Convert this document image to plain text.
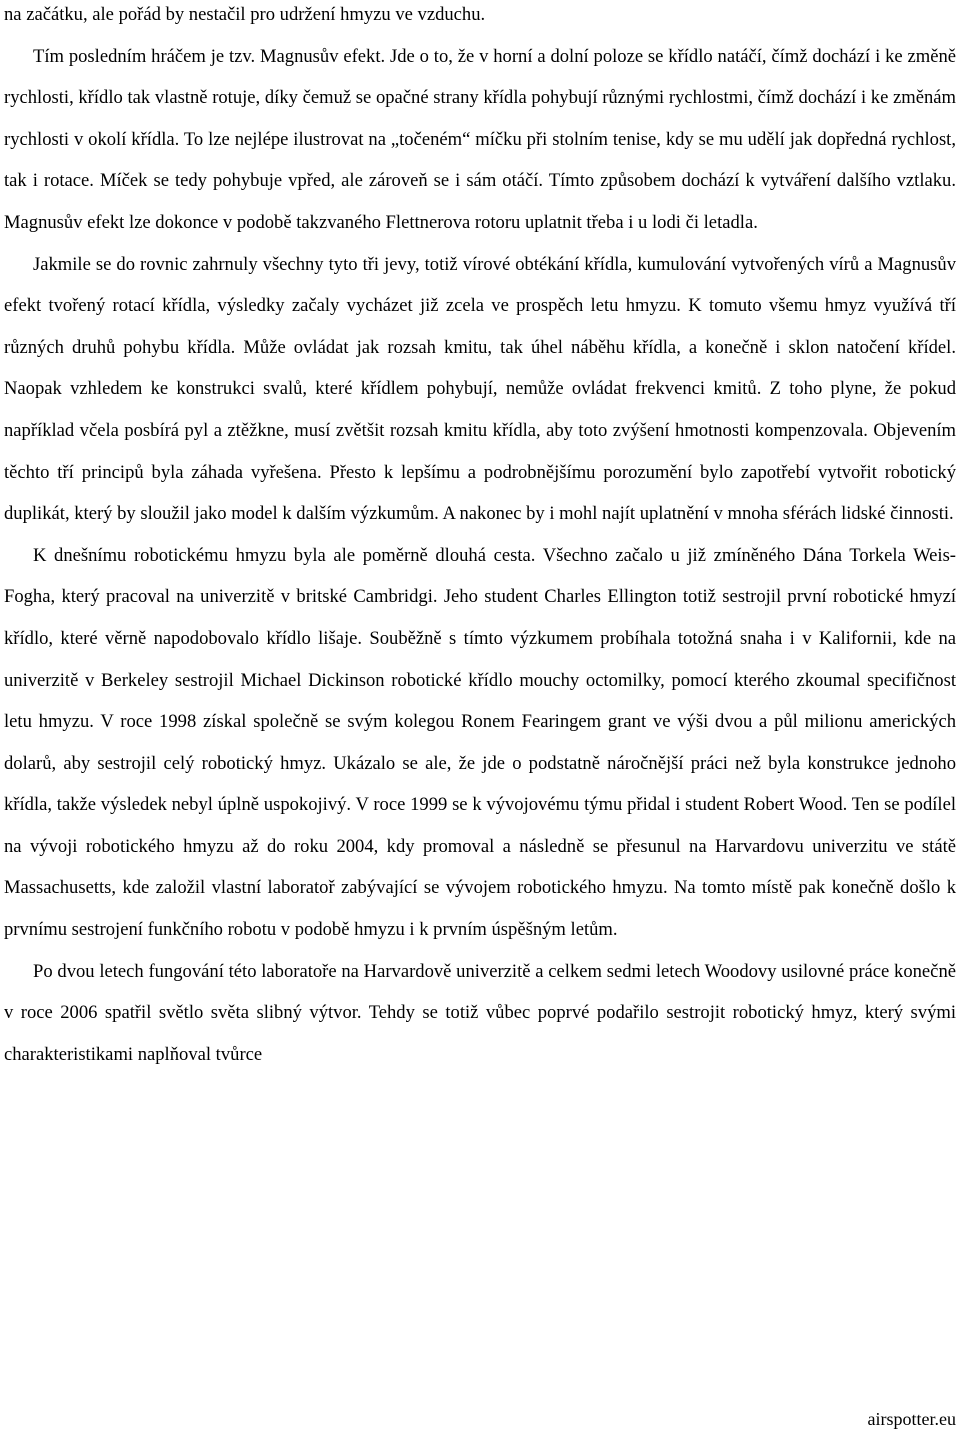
na začátku, ale pořád by nestačil pro udržení hmyzu ve vzduchu.

Tím posledním hráčem je tzv. Magnusův efekt. Jde o to, že v horní a dolní poloze se křídlo natáčí, čímž dochází i ke změně rychlosti, křídlo tak vlastně rotuje, díky čemuž se opačné strany křídla pohybují různými rychlostmi, čímž dochází i ke změnám rychlosti v okolí křídla. To lze nejlépe ilustrovat na „točeném“ míčku při stolním tenise, kdy se mu udělí jak dopředná rychlost, tak i rotace. Míček se tedy pohybuje vpřed, ale zároveň se i sám otáčí. Tímto způsobem dochází k vytváření dalšího vztlaku. Magnusův efekt lze dokonce v podobě takzvaného Flettnerova rotoru uplatnit třeba i u lodi či letadla.

Jakmile se do rovnic zahrnuly všechny tyto tři jevy, totiž vírové obtékání křídla, kumulování vytvořených vírů a Magnusův efekt tvořený rotací křídla, výsledky začaly vycházet již zcela ve prospěch letu hmyzu. K tomuto všemu hmyz využívá tří různých druhů pohybu křídla. Může ovládat jak rozsah kmitu, tak úhel náběhu křídla, a konečně i sklon natočení křídel. Naopak vzhledem ke konstrukci svalů, které křídlem pohybují, nemůže ovládat frekvenci kmitů. Z toho plyne, že pokud například včela posbírá pyl a ztěžkne, musí zvětšit rozsah kmitu křídla, aby toto zvýšení hmotnosti kompenzovala. Objevením těchto tří principů byla záhada vyřešena. Přesto k lepšímu a podrobnějšímu porozumění bylo zapotřebí vytvořit robotický duplikát, který by sloužil jako model k dalším výzkumům. A nakonec by i mohl najít uplatnění v mnoha sférách lidské činnosti.

K dnešnímu robotickému hmyzu byla ale poměrně dlouhá cesta. Všechno začalo u již zmíněného Dána Torkela Weis-Fogha, který pracoval na univerzitě v britské Cambridgi. Jeho student Charles Ellington totiž sestrojil první robotické hmyzí křídlo, které věrně napodobovalo křídlo lišaje. Souběžně s tímto výzkumem probíhala totožná snaha i v Kalifornii, kde na univerzitě v Berkeley sestrojil Michael Dickinson robotické křídlo mouchy octomilky, pomocí kterého zkoumal specifičnost letu hmyzu. V roce 1998 získal společně se svým kolegou Ronem Fearingem grant ve výši dvou a půl milionu amerických dolarů, aby sestrojil celý robotický hmyz. Ukázalo se ale, že jde o podstatně náročnější práci než byla konstrukce jednoho křídla, takže výsledek nebyl úplně uspokojivý. V roce 1999 se k vývojovému týmu přidal i student Robert Wood. Ten se podílel na vývoji robotického hmyzu až do roku 2004, kdy promoval a následně se přesunul na Harvardovu univerzitu ve státě Massachusetts, kde založil vlastní laboratoř zabývající se vývojem robotického hmyzu. Na tomto místě pak konečně došlo k prvnímu sestrojení funkčního robotu v podobě hmyzu i k prvním úspěšným letům.

Po dvou letech fungování této laboratoře na Harvardově univerzitě a celkem sedmi letech Woodovy usilovné práce konečně v roce 2006 spatřil světlo světa slibný výtvor. Tehdy se totiž vůbec poprvé podařilo sestrojit robotický hmyz, který svými charakteristikami naplňoval tvůrce

airspotter.eu
